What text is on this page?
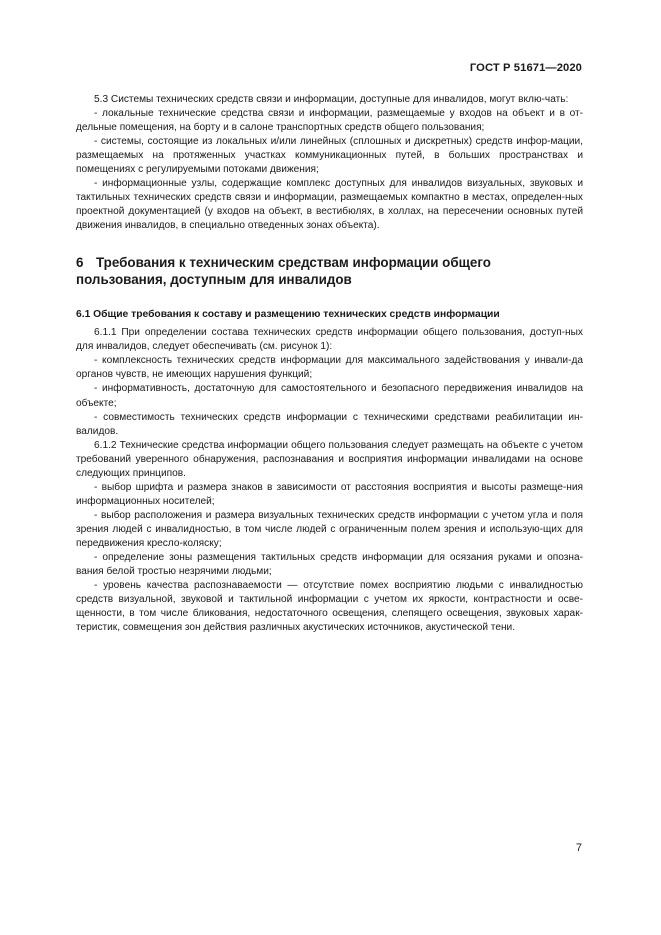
ГОСТ Р 51671—2020

5.3 Системы технических средств связи и информации, доступные для инвалидов, могут вклю-чать:

- локальные технические средства связи и информации, размещаемые у входов на объект и в от-дельные помещения, на борту и в салоне транспортных средств общего пользования;

- системы, состоящие из локальных и/или линейных (сплошных и дискретных) средств инфор-мации, размещаемых на протяженных участках коммуникационных путей, в больших пространствах и помещениях с регулируемыми потоками движения;

- информационные узлы, содержащие комплекс доступных для инвалидов визуальных, звуковых и тактильных технических средств связи и информации, размещаемых компактно в местах, определен-ных проектной документацией (у входов на объект, в вестибюлях, в холлах, на пересечении основных путей движения инвалидов, в специально отведенных зонах объекта).

6 Требования к техническим средствам информации общего пользования, доступным для инвалидов
6.1 Общие требования к составу и размещению технических средств информации

6.1.1 При определении состава технических средств информации общего пользования, доступ-ных для инвалидов, следует обеспечивать (см. рисунок 1):

- комплексность технических средств информации для максимального задействования у инвали-да органов чувств, не имеющих нарушения функций;

- информативность, достаточную для самостоятельного и безопасного передвижения инвалидов на объекте;

- совместимость технических средств информации с техническими средствами реабилитации ин-валидов.

6.1.2 Технические средства информации общего пользования следует размещать на объекте с учетом требований уверенного обнаружения, распознавания и восприятия информации инвалидами на основе следующих принципов.

- выбор шрифта и размера знаков в зависимости от расстояния восприятия и высоты размеще-ния информационных носителей;

- выбор расположения и размера визуальных технических средств информации с учетом угла и поля зрения людей с инвалидностью, в том числе людей с ограниченным полем зрения и использую-щих для передвижения кресло-коляску;

- определение зоны размещения тактильных средств информации для осязания руками и опозна-вания белой тростью незрячими людьми;

- уровень качества распознаваемости — отсутствие помех восприятию людьми с инвалидностью средств визуальной, звуковой и тактильной информации с учетом их яркости, контрастности и осве-щенности, в том числе бликования, недостаточного освещения, слепящего освещения, звуковых харак-теристик, совмещения зон действия различных акустических источников, акустической тени.

7
